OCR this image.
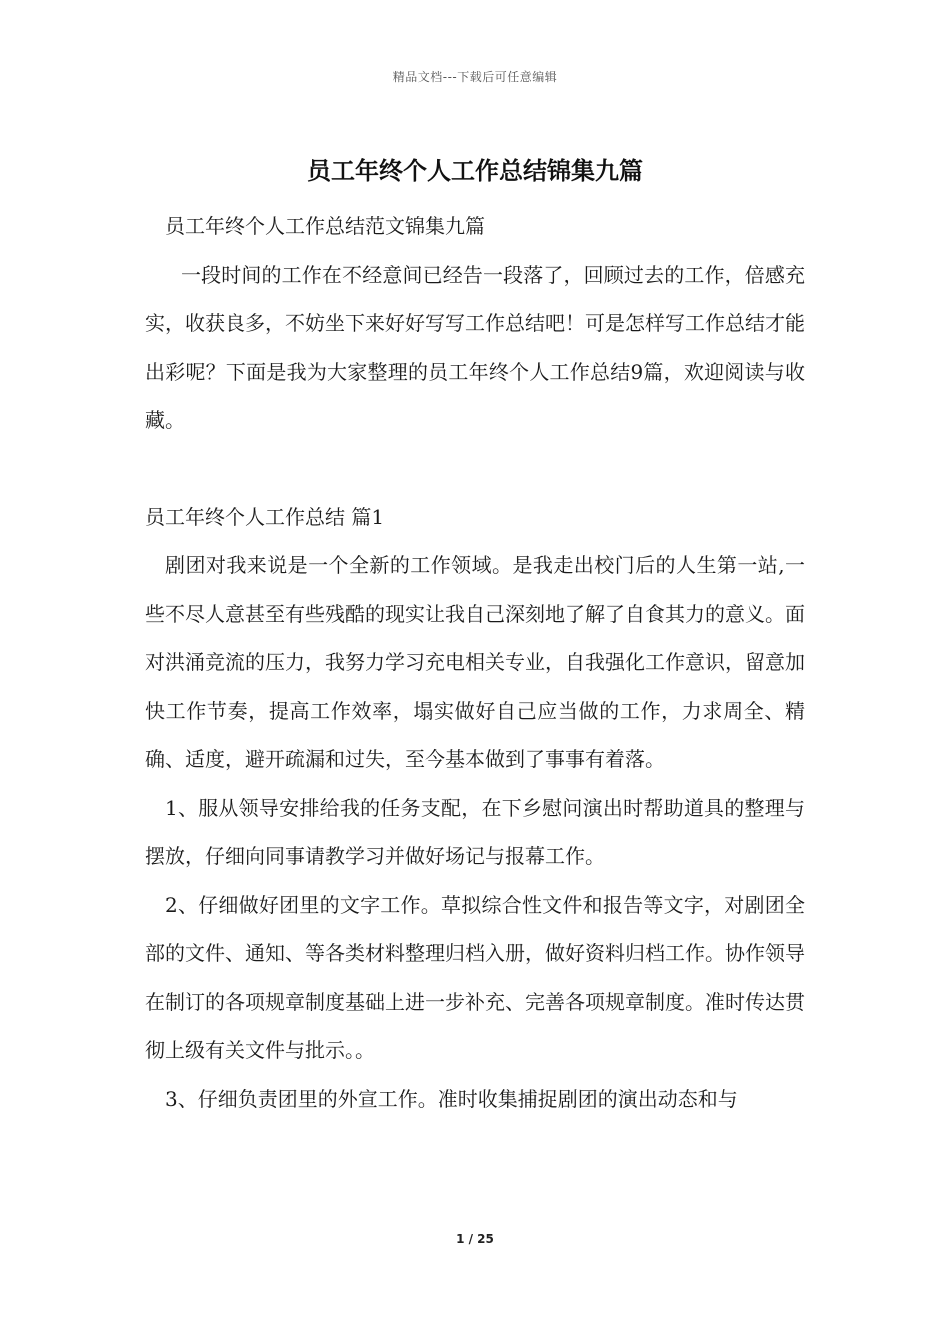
精品文档---下载后可任意编辑
员工年终个人工作总结锦集九篇

员工年终个人工作总结范文锦集九篇

一段时间的工作在不经意间已经告一段落了，回顾过去的工作，倍感充实，收获良多，不妨坐下来好好写写工作总结吧！可是怎样写工作总结才能出彩呢？下面是我为大家整理的员工年终个人工作总结9篇，欢迎阅读与收藏。

员工年终个人工作总结 篇1

剧团对我来说是一个全新的工作领域。是我走出校门后的人生第一站,一些不尽人意甚至有些残酷的现实让我自己深刻地了解了自食其力的意义。面对洪涌竞流的压力，我努力学习充电相关专业，自我强化工作意识，留意加快工作节奏，提高工作效率，塌实做好自己应当做的工作，力求周全、精确、适度，避开疏漏和过失，至今基本做到了事事有着落。

1、服从领导安排给我的任务支配，在下乡慰问演出时帮助道具的整理与摆放，仔细向同事请教学习并做好场记与报幕工作。

2、仔细做好团里的文字工作。草拟综合性文件和报告等文字，对剧团全部的文件、通知、等各类材料整理归档入册，做好资料归档工作。协作领导在制订的各项规章制度基础上进一步补充、完善各项规章制度。准时传达贯彻上级有关文件与批示。。

3、仔细负责团里的外宣工作。准时收集捕捉剧团的演出动态和与

1 / 25
